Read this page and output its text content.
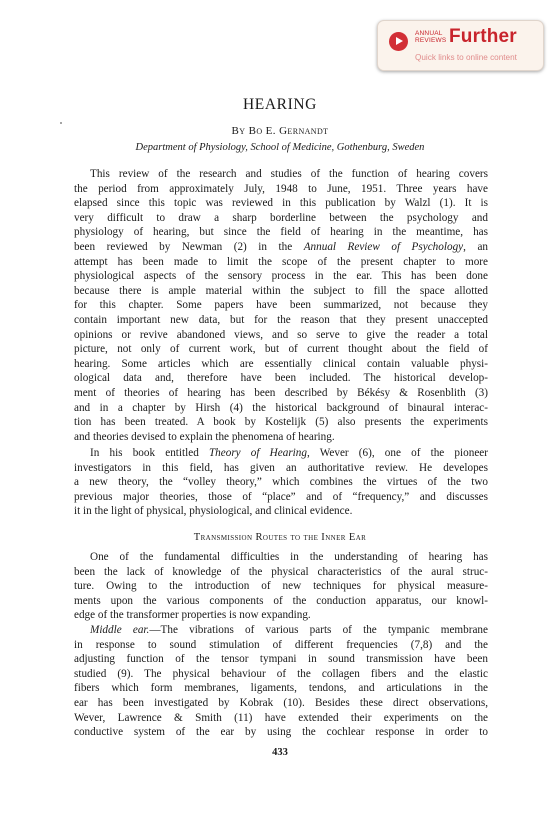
ANNUAL
REVIEWS Further
Quick links to online content
HEARING
By Bo E. Gernandt
Department of Physiology, School of Medicine, Gothenburg, Sweden
This review of the research and studies of the function of hearing covers
the period from approximately July, 1948 to June, 1951. Three years have
elapsed since this topic was reviewed in this publication by Walzl (1). It is
very difficult to draw a sharp borderline between the psychology and
physiology of hearing, but since the field of hearing in the meantime, has
been reviewed by Newman (2) in the Annual Review of Psychology, an
attempt has been made to limit the scope of the present chapter to more
physiological aspects of the sensory process in the ear. This has been done
because there is ample material within the subject to fill the space allotted
for this chapter. Some papers have been summarized, not because they
contain important new data, but for the reason that they present unaccepted
opinions or revive abandoned views, and so serve to give the reader a total
picture, not only of current work, but of current thought about the field of
hearing. Some articles which are essentially clinical contain valuable physi-
ological data and, therefore have been included. The historical develop-
ment of theories of hearing has been described by Békésy & Rosenblith (3)
and in a chapter by Hirsh (4) the historical background of binaural interac-
tion has been treated. A book by Kostelijk (5) also presents the experiments
and theories devised to explain the phenomena of hearing.
In his book entitled Theory of Hearing, Wever (6), one of the pioneer
investigators in this field, has given an authoritative review. He developes
a new theory, the “volley theory,” which combines the virtues of the two
previous major theories, those of “place” and of “frequency,” and discusses
it in the light of physical, physiological, and clinical evidence.
Transmission Routes to the Inner Ear
One of the fundamental difficulties in the understanding of hearing has
been the lack of knowledge of the physical characteristics of the aural struc-
ture. Owing to the introduction of new techniques for physical measure-
ments upon the various components of the conduction apparatus, our knowl-
edge of the transformer properties is now expanding.
Middle ear.—The vibrations of various parts of the tympanic membrane
in response to sound stimulation of different frequencies (7,8) and the
adjusting function of the tensor tympani in sound transmission have been
studied (9). The physical behaviour of the collagen fibers and the elastic
fibers which form membranes, ligaments, tendons, and articulations in the
ear has been investigated by Kobrak (10). Besides these direct observations,
Wever, Lawrence & Smith (11) have extended their experiments on the
conductive system of the ear by using the cochlear response in order to
433
